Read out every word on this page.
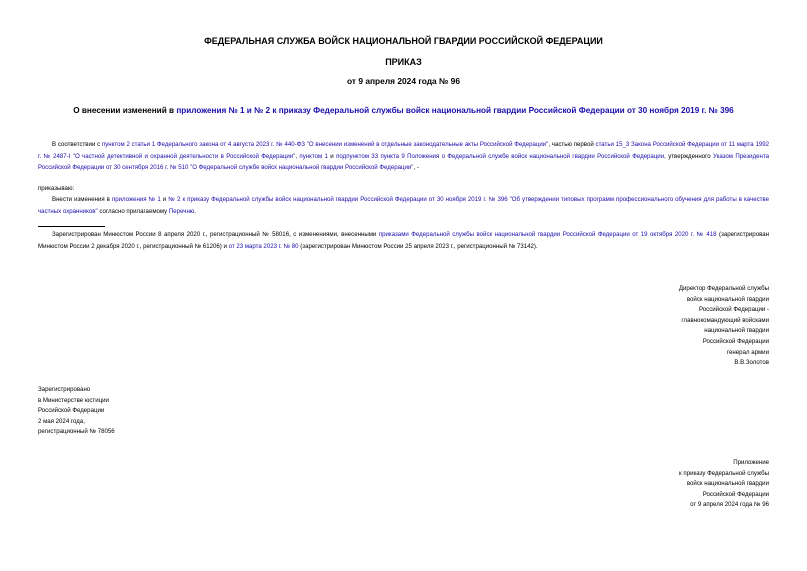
ФЕДЕРАЛЬНАЯ СЛУЖБА ВОЙСК НАЦИОНАЛЬНОЙ ГВАРДИИ РОССИЙСКОЙ ФЕДЕРАЦИИ
ПРИКАЗ
от 9 апреля 2024 года № 96
О внесении изменений в приложения № 1 и № 2 к приказу Федеральной службы войск национальной гвардии Российской Федерации от 30 ноября 2019 г. № 396
В соответствии с пунктом 2 статьи 1 Федерального закона от 4 августа 2023 г. № 440-ФЗ "О внесении изменений в отдельные законодательные акты Российской Федерации", частью первой статьи 15_3 Закона Российской Федерации от 11 марта 1992 г. № 2487-I "О частной детективной и охранной деятельности в Российской Федерации", пунктом 1 и подпунктом 33 пункта 9 Положения о Федеральной службе войск национальной гвардии Российской Федерации, утвержденного Указом Президента Российской Федерации от 30 сентября 2016 г. № 510 "О Федеральной службе войск национальной гвардии Российской Федерации", -
приказываю:
Внести изменения в приложения № 1 и № 2 к приказу Федеральной службы войск национальной гвардии Российской Федерации от 30 ноября 2019 г. № 396 "Об утверждении типовых программ профессионального обучения для работы в качестве частных охранников" согласно прилагаемому Перечню.
Зарегистрирован Минюстом России 8 апреля 2020 г., регистрационный № 58016, с изменениями, внесенными приказами Федеральной службы войск национальной гвардии Российской Федерации от 19 октября 2020 г. № 418 (зарегистрирован Минюстом России 2 декабря 2020 г., регистрационный № 61206) и от 23 марта 2023 г. № 80 (зарегистрирован Минюстом России 25 апреля 2023 г., регистрационный № 73142).
Директор Федеральной службы
войск национальной гвардии
Российской Федерации -
главнокомандующий войсками
национальной гвардии
Российской Федерации
генерал армии
В.В.Золотов
Зарегистрировано
в Министерстве юстиции
Российской Федерации
2 мая 2024 года,
регистрационный № 78056
Приложение
к приказу Федеральной службы
войск национальной гвардии
Российской Федерации
от 9 апреля 2024 года № 96
